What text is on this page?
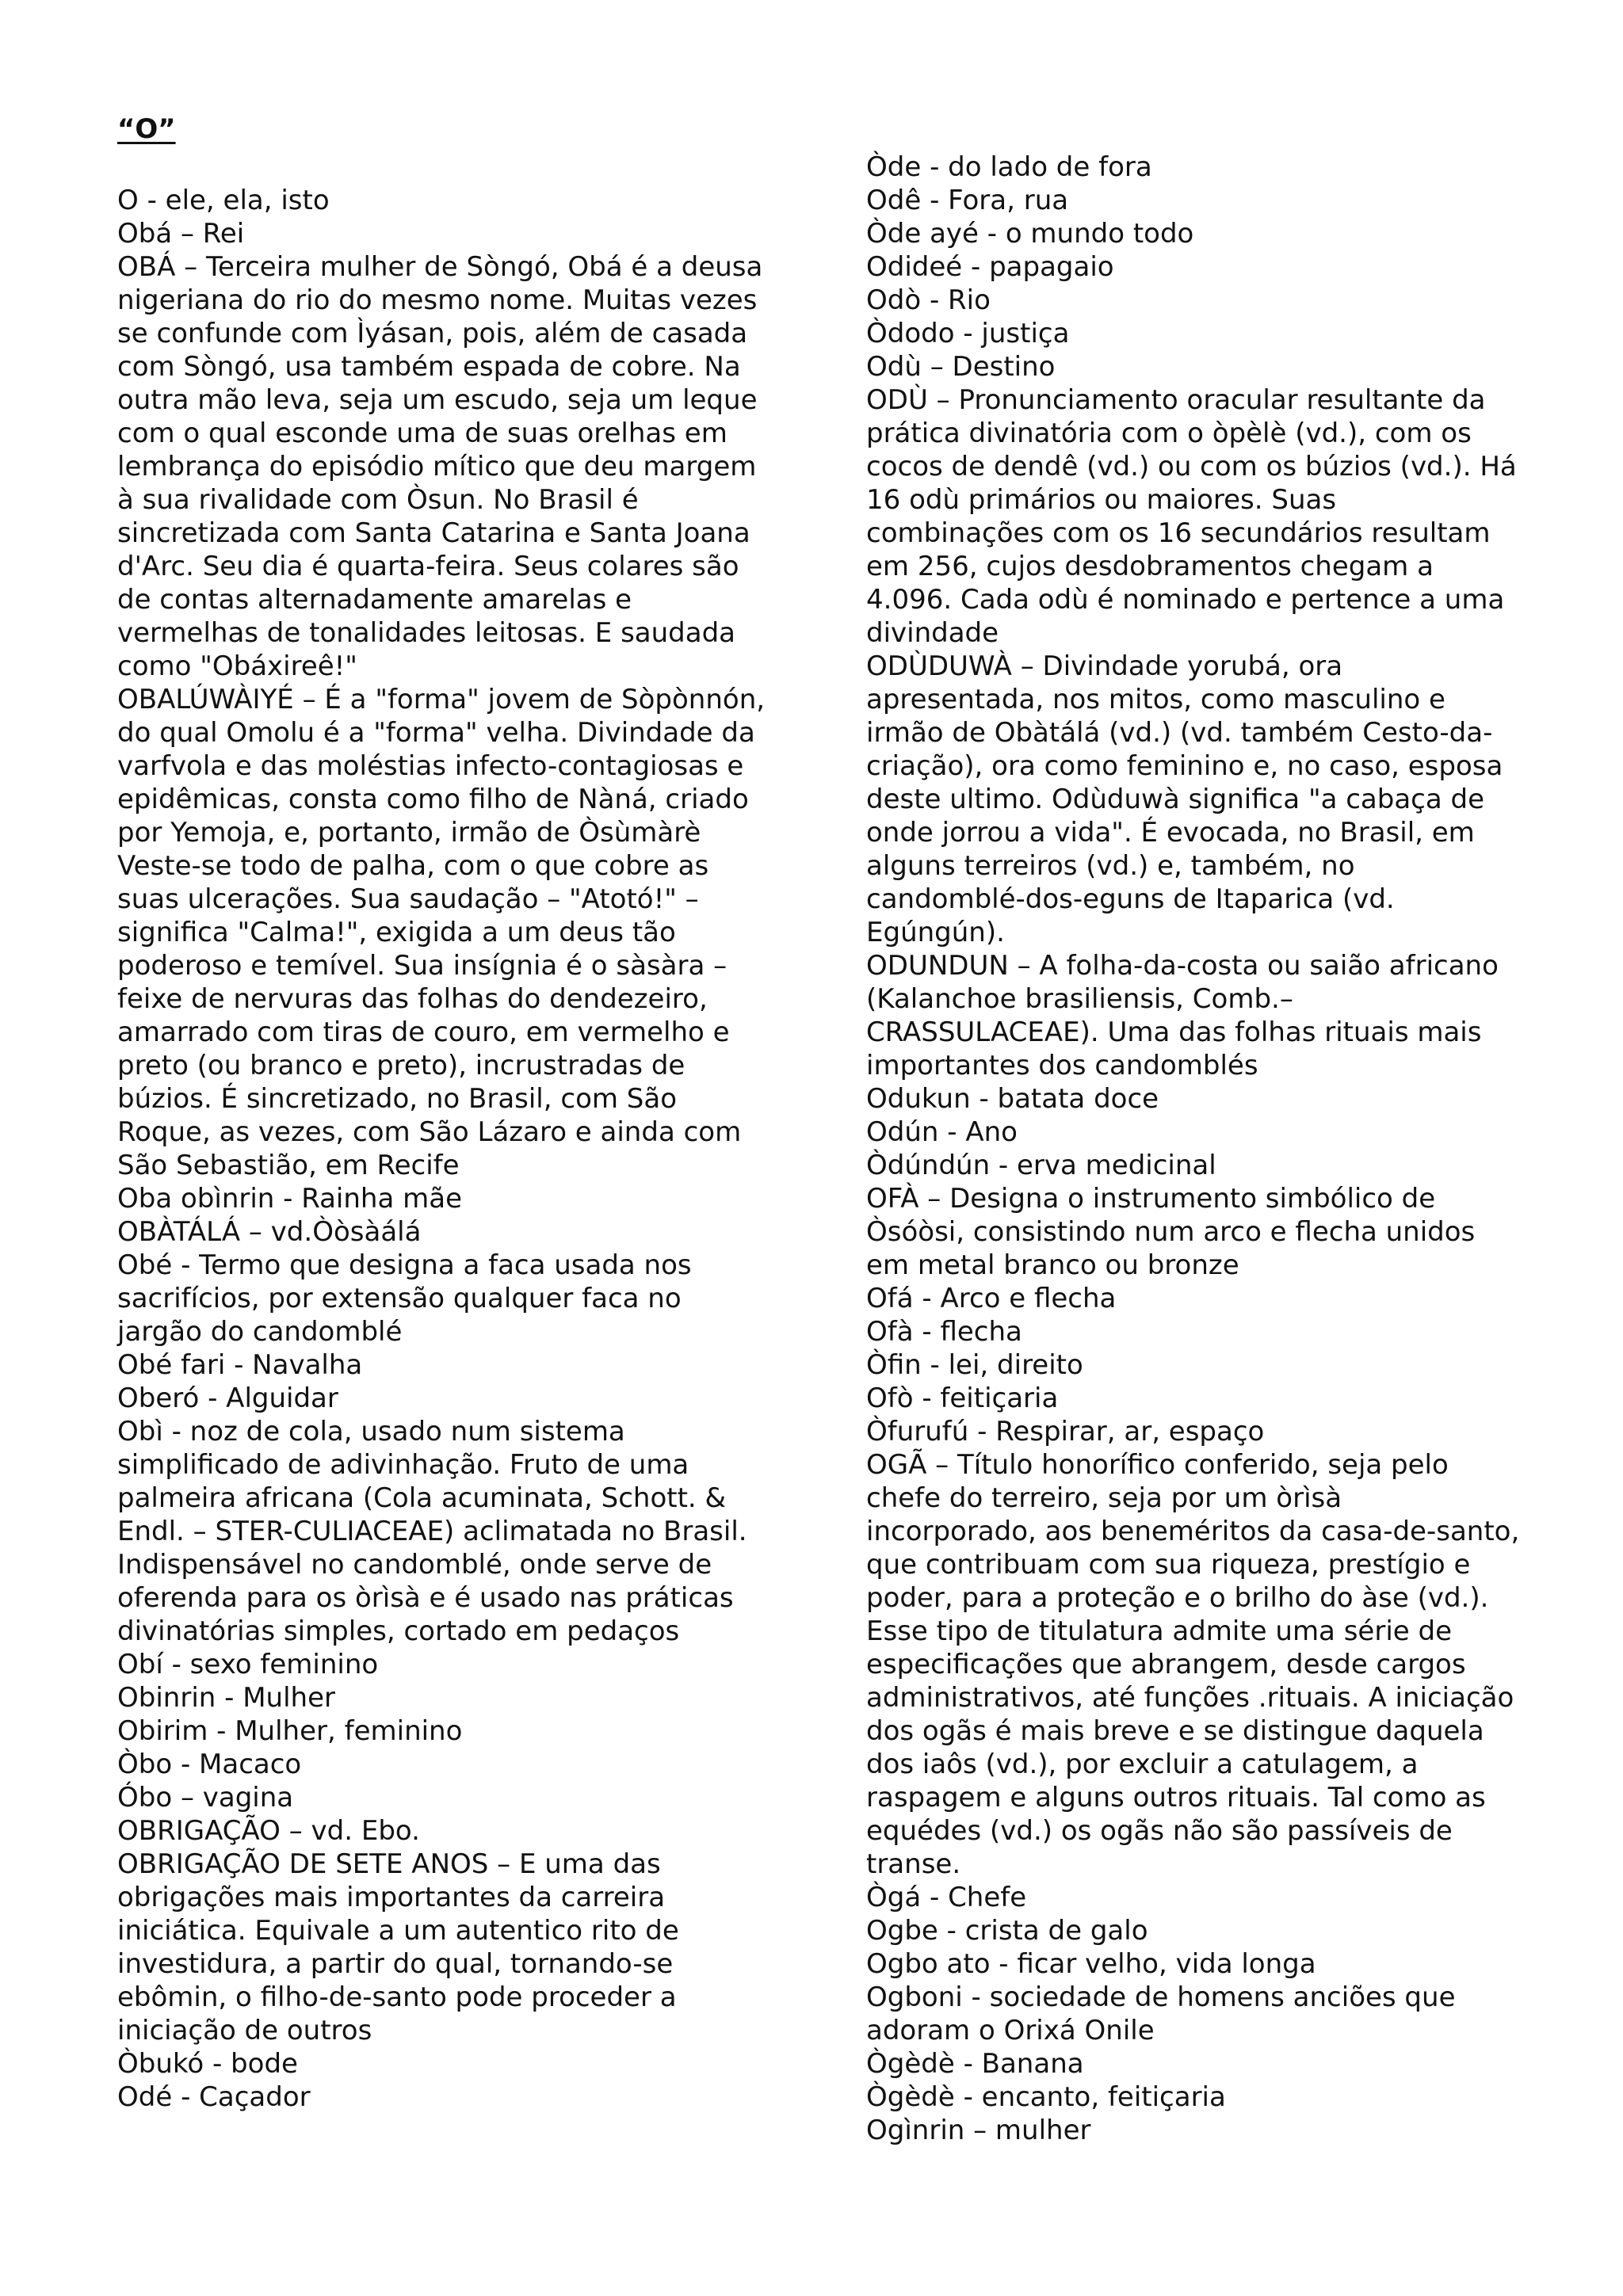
“O”
O - ele, ela, isto
Obá – Rei
OBÁ – Terceira mulher de Sòngó, Obá é a deusa nigeriana do rio do mesmo nome. Muitas vezes se confunde com Ìyásan, pois, além de casada com Sòngó, usa também espada de cobre. Na outra mão leva, seja um escudo, seja um leque com o qual esconde uma de suas orelhas em lembrança do episódio mítico que deu margem à sua rivalidade com Òsun. No Brasil é sincretizada com Santa Catarina e Santa Joana d'Arc. Seu dia é quarta-feira. Seus colares são de contas alternadamente amarelas e vermelhas de tonalidades leitosas. E saudada como "Obáxireê!"
OBALÚWÀIYÉ – É a "forma" jovem de Sòpònnón, do qual Omolu é a "forma" velha. Divindade da varfvola e das moléstias infecto-contagiosas e epidêmicas, consta como filho de Nàná, criado por Yemoja, e, portanto, irmão de Òsùmàrè Veste-se todo de palha, com o que cobre as suas ulcerações. Sua saudação – "Atotó!" – significa "Calma!", exigida a um deus tão poderoso e temível. Sua insígnia é o sàsàra – feixe de nervuras das folhas do dendezeiro, amarrado com tiras de couro, em vermelho e preto (ou branco e preto), incrustradas de búzios. É sincretizado, no Brasil, com São Roque, as vezes, com São Lázaro e ainda com São Sebastião, em Recife
Oba obìnrin - Rainha mãe
OBÀTÁLÁ – vd.Òòsàálá
Obé - Termo que designa a faca usada nos sacrifícios, por extensão qualquer faca no jargão do candomblé
Obé fari - Navalha
Oberó - Alguidar
Obì - noz de cola, usado num sistema simplificado de adivinhação. Fruto de uma palmeira africana (Cola acuminata, Schott. & Endl. – STER-CULIACEAE) aclimatada no Brasil. Indispensável no candomblé, onde serve de oferenda para os òrìsà e é usado nas práticas divinatórias simples, cortado em pedaços
Obí - sexo feminino
Obinrin - Mulher
Obirim - Mulher, feminino
Òbo - Macaco
Óbo – vagina
OBRIGAÇÃO – vd. Ebo.
OBRIGAÇÃO DE SETE ANOS – E uma das obrigações mais importantes da carreira iniciática. Equivale a um autentico rito de investidura, a partir do qual, tornando-se ebômin, o filho-de-santo pode proceder a iniciação de outros
Òbukó - bode
Odé - Caçador
Òde - do lado de fora
Odê - Fora, rua
Òde ayé - o mundo todo
Odideé - papagaio
Odò - Rio
Òdodo - justiça
Odù – Destino
ODÙ – Pronunciamento oracular resultante da prática divinatória com o òpèlè (vd.), com os cocos de dendê (vd.) ou com os búzios (vd.). Há 16 odù primários ou maiores. Suas combinações com os 16 secundários resultam em 256, cujos desdobramentos chegam a 4.096. Cada odù é nominado e pertence a uma divindade
ODÙDUWÀ – Divindade yorubá, ora apresentada, nos mitos, como masculino e irmão de Obàtálá (vd.) (vd. também Cesto-da-criação), ora como feminino e, no caso, esposa deste ultimo. Odùduwà significa "a cabaça de onde jorrou a vida". É evocada, no Brasil, em alguns terreiros (vd.) e, também, no candomblé-dos-eguns de Itaparica (vd. Egúngún).
ODUNDUN – A folha-da-costa ou saião africano (Kalanchoe brasiliensis, Comb.– CRASSULACEAE). Uma das folhas rituais mais importantes dos candomblés
Odukun - batata doce
Odún - Ano
Òdúndún - erva medicinal
OFÀ – Designa o instrumento simbólico de Òsóòsi, consistindo num arco e flecha unidos em metal branco ou bronze
Ofá - Arco e flecha
Ofà - flecha
Òfin - lei, direito
Ofò - feitiçaria
Òfurufú - Respirar, ar, espaço
OGÃ – Título honorífico conferido, seja pelo chefe do terreiro, seja por um òrìsà incorporado, aos beneméritos da casa-de-santo, que contribuam com sua riqueza, prestígio e poder, para a proteção e o brilho do àse (vd.). Esse tipo de titulatura admite uma série de especificações que abrangem, desde cargos administrativos, até funções .rituais. A iniciação dos ogãs é mais breve e se distingue daquela dos iaôs (vd.), por excluir a catulagem, a raspagem e alguns outros rituais. Tal como as equédes (vd.) os ogãs não são passíveis de transe.
Ògá - Chefe
Ogbe - crista de galo
Ogbo ato - ficar velho, vida longa
Ogboni - sociedade de homens anciões que adoram o Orixá Onile
Ògèdè - Banana
Ògèdè - encanto, feitiçaria
Ogìnrin – mulher
